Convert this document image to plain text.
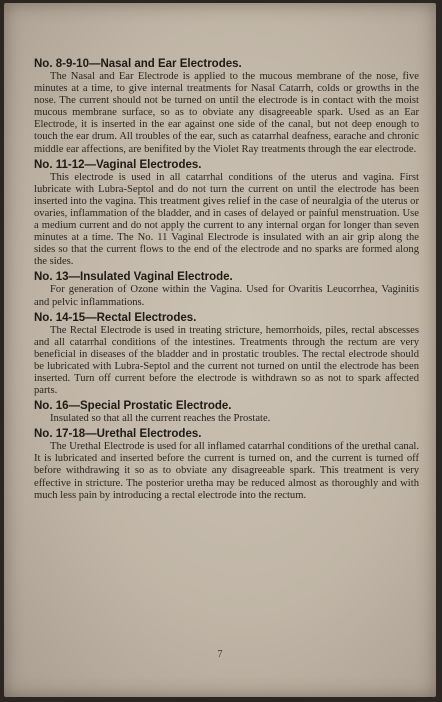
No. 8-9-10—Nasal and Ear Electrodes.

The Nasal and Ear Electrode is applied to the mucous membrane of the nose, five minutes at a time, to give internal treatments for Nasal Catarrh, colds or growths in the nose. The current should not be turned on until the electrode is in contact with the moist mucous membrane surface, so as to obviate any disagreeable spark. Used as an Ear Electrode, it is inserted in the ear against one side of the canal, but not deep enough to touch the ear drum. All troubles of the ear, such as catarrhal deafness, earache and chronic middle ear affections, are benifited by the Violet Ray treatments through the ear electrode.

No. 11-12—Vaginal Electrodes.

This electrode is used in all catarrhal conditions of the uterus and vagina. First lubricate with Lubra-Septol and do not turn the current on until the electrode has been inserted into the vagina. This treatment gives relief in the case of neuralgia of the uterus or ovaries, inflammation of the bladder, and in cases of delayed or painful menstruation. Use a medium current and do not apply the current to any internal organ for longer than seven minutes at a time. The No. 11 Vaginal Electrode is insulated with an air grip along the sides so that the current flows to the end of the electrode and no sparks are formed along the sides.

No. 13—Insulated Vaginal Electrode.

For generation of Ozone within the Vagina. Used for Ovaritis Leucorrhea, Vaginitis and pelvic inflammations.

No. 14-15—Rectal Electrodes.

The Rectal Electrode is used in treating stricture, hemorrhoids, piles, rectal abscesses and all catarrhal conditions of the intestines. Treatments through the rectum are very beneficial in diseases of the bladder and in prostatic troubles. The rectal electrode should be lubricated with Lubra-Septol and the current not turned on until the electrode has been inserted. Turn off current before the electrode is withdrawn so as not to spark affected parts.

No. 16—Special Prostatic Electrode.

Insulated so that all the current reaches the Prostate.

No. 17-18—Urethal Electrodes.

The Urethal Electrode is used for all inflamed catarrhal conditions of the urethal canal. It is lubricated and inserted before the current is turned on, and the current is turned off before withdrawing it so as to obviate any disagreeable spark. This treatment is very effective in stricture. The posterior uretha may be reduced almost as thoroughly and with much less pain by introducing a rectal electrode into the rectum.

7
